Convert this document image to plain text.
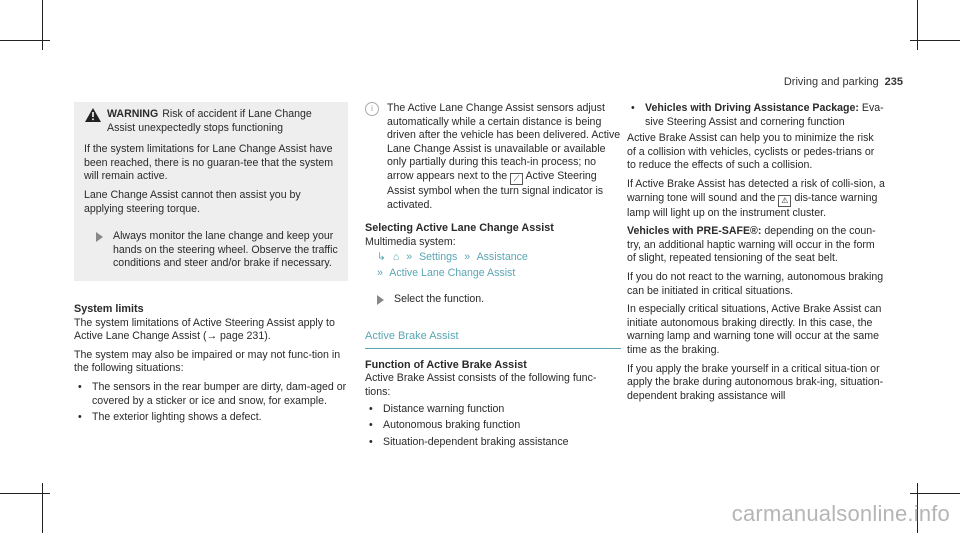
Driving and parking 235
WARNING Risk of accident if Lane Change Assist unexpectedly stops functioning

If the system limitations for Lane Change Assist have been reached, there is no guaran-tee that the system will remain active.

Lane Change Assist cannot then assist you by applying steering torque.

Always monitor the lane change and keep your hands on the steering wheel. Observe the traffic conditions and steer and/or brake if necessary.
System limits

The system limitations of Active Steering Assist apply to Active Lane Change Assist (→ page 231).

The system may also be impaired or may not func-tion in the following situations:

• The sensors in the rear bumper are dirty, dam-aged or covered by a sticker or ice and snow, for example.
• The exterior lighting shows a defect.
i	The Active Lane Change Assist sensors adjust automatically while a certain distance is being driven after the vehicle has been delivered. Active Lane Change Assist is unavailable or available only partially during this teach-in process; no arrow appears next to the ⟋ Active Steering Assist symbol when the turn signal indicator is activated.
Selecting Active Lane Change Assist

Multimedia system:

↳ ⌂ » Settings » Assistance
» Active Lane Change Assist
Select the function.
Active Brake Assist
Function of Active Brake Assist

Active Brake Assist consists of the following func-tions:

• Distance warning function
• Autonomous braking function
• Situation-dependent braking assistance
• Vehicles with Driving Assistance Package: Eva-sive Steering Assist and cornering function

Active Brake Assist can help you to minimize the risk of a collision with vehicles, cyclists or pedes-trians or to reduce the effects of such a collision.

If Active Brake Assist has detected a risk of colli-sion, a warning tone will sound and the ⚠ dis-tance warning lamp will light up on the instrument cluster.

Vehicles with PRE-SAFE®: depending on the coun-try, an additional haptic warning will occur in the form of slight, repeated tensioning of the seat belt.

If you do not react to the warning, autonomous braking can be initiated in critical situations.

In especially critical situations, Active Brake Assist can initiate autonomous braking directly. In this case, the warning lamp and warning tone will occur at the same time as the braking.

If you apply the brake yourself in a critical situa-tion or apply the brake during autonomous brak-ing, situation-dependent braking assistance will

carmanualsonline.info
